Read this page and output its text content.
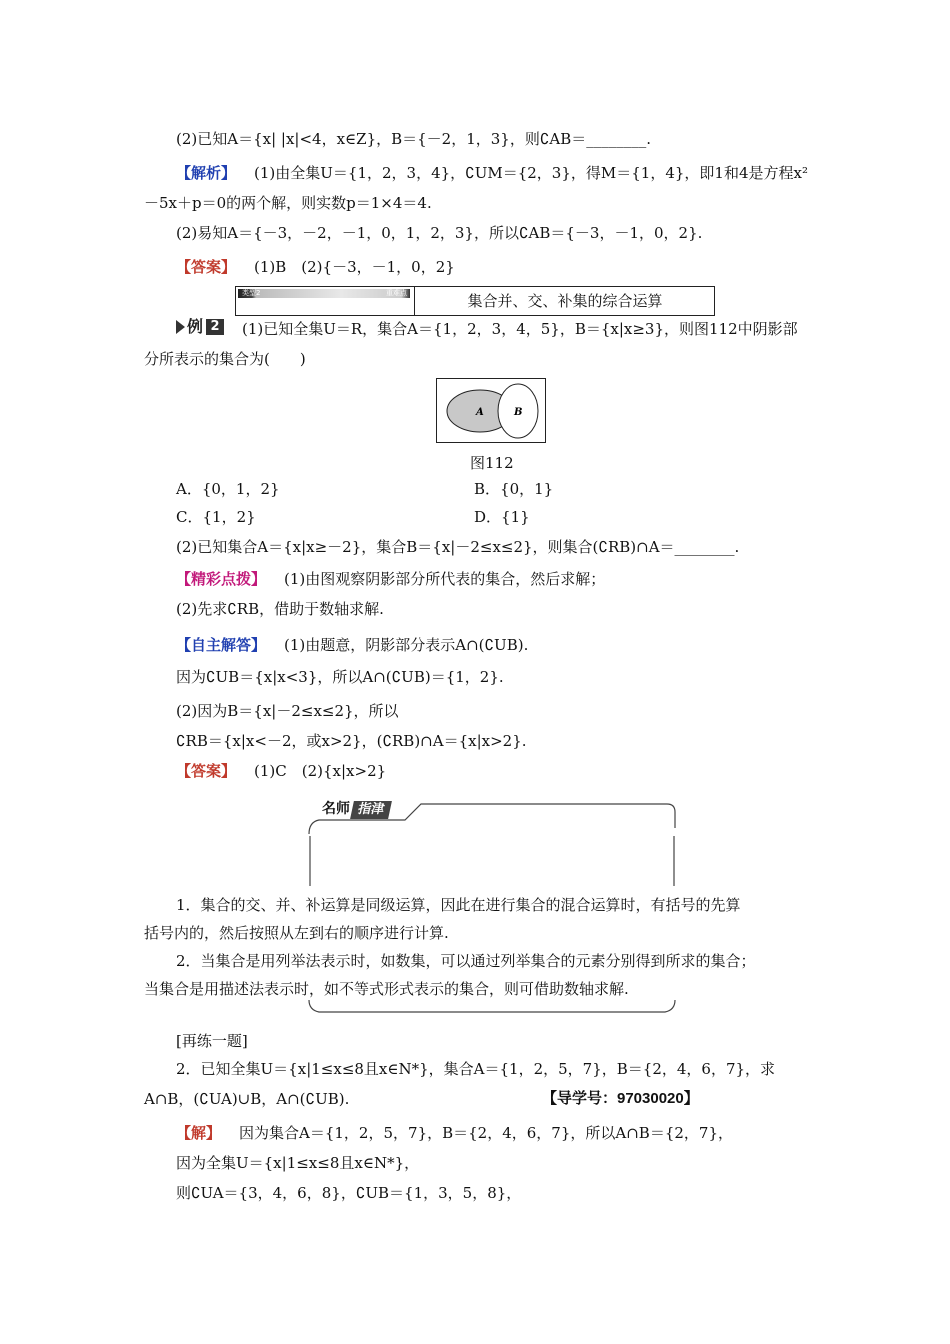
(2)已知A＝{x| |x|<4，x∈Z}，B＝{－2，1，3}，则∁AB＝________.
【解析】 (1)由全集U＝{1，2，3，4}，∁UM＝{2，3}，得M＝{1，4}，即1和4是方程x²
－5x＋p＝0的两个解，则实数p＝1×4＝4.
(2)易知A＝{－3，－2，－1，0，1，2，3}，所以∁AB＝{－3，－1，0，2}.
【答案】 (1)B　(2){－3，－1，0，2}
类型2	重难点	集合并、交、补集的综合运算
例 2 (1)已知全集U＝R，集合A＝{1，2，3，4，5}，B＝{x|x≥3}，则图112中阴影部
分所表示的集合为(　　)
A	B
图112
A．{0，1，2}	B．{0，1}
C．{1，2}	D．{1}
(2)已知集合A＝{x|x≥－2}，集合B＝{x|－2≤x≤2}，则集合(∁RB)∩A＝________.
【精彩点拨】 (1)由图观察阴影部分所代表的集合，然后求解；
(2)先求∁RB，借助于数轴求解.
【自主解答】 (1)由题意，阴影部分表示A∩(∁UB).
因为∁UB＝{x|x<3}，所以A∩(∁UB)＝{1，2}.
(2)因为B＝{x|－2≤x≤2}，所以
∁RB＝{x|x<－2，或x>2}，(∁RB)∩A＝{x|x>2}.
【答案】 (1)C　(2){x|x>2}
名师 指津
1．集合的交、并、补运算是同级运算，因此在进行集合的混合运算时，有括号的先算
括号内的，然后按照从左到右的顺序进行计算.
2．当集合是用列举法表示时，如数集，可以通过列举集合的元素分别得到所求的集合；
当集合是用描述法表示时，如不等式形式表示的集合，则可借助数轴求解.
[再练一题]
2．已知全集U＝{x|1≤x≤8且x∈N*}，集合A＝{1，2，5，7}，B＝{2，4，6，7}，求
A∩B，(∁UA)∪B，A∩(∁UB).	【导学号：97030020】
【解】 因为集合A＝{1，2，5，7}，B＝{2，4，6，7}，所以A∩B＝{2，7}，
因为全集U＝{x|1≤x≤8且x∈N*}，
则∁UA＝{3，4，6，8}，∁UB＝{1，3，5，8}，
